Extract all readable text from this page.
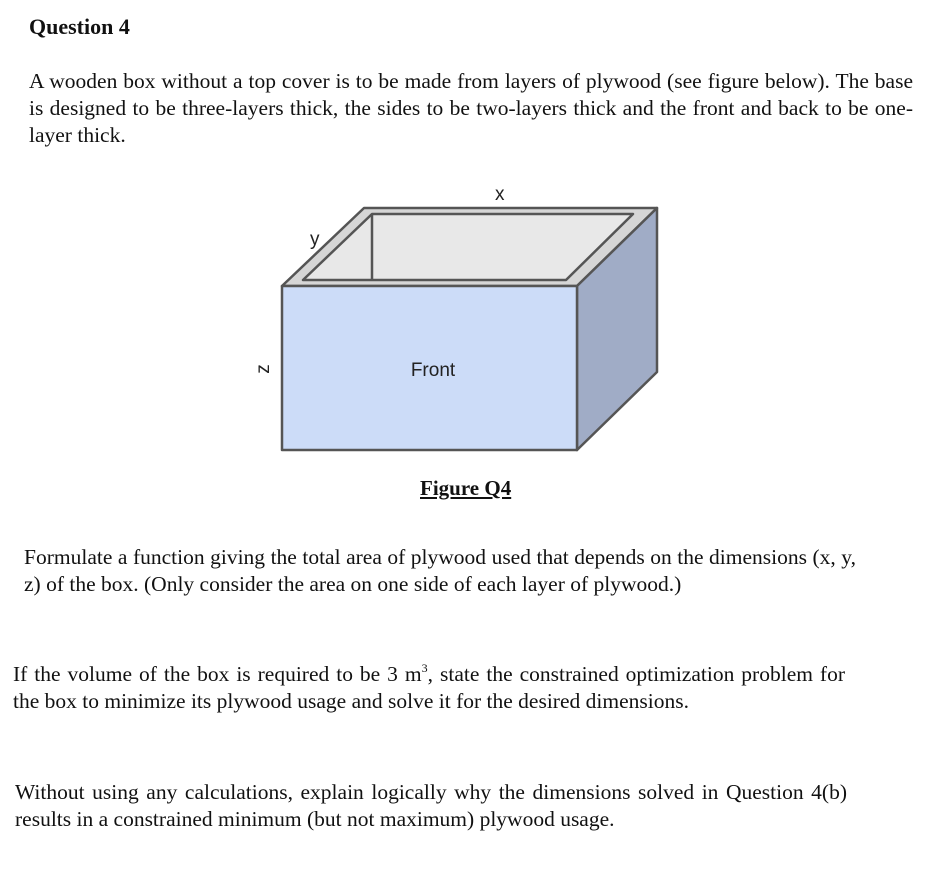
Question 4

A wooden box without a top cover is to be made from layers of plywood (see figure below). The base is designed to be three-layers thick, the sides to be two-layers thick and the front and back to be one-layer thick.

x
y
z	Front

Figure Q4

Formulate a function giving the total area of plywood used that depends on the dimensions (x, y, z) of the box. (Only consider the area on one side of each layer of plywood.)

If the volume of the box is required to be 3 $m^3$, state the constrained optimization problem for the box to minimize its plywood usage and solve it for the desired dimensions.

Without using any calculations, explain logically why the dimensions solved in Question 4(b) results in a constrained minimum (but not maximum) plywood usage.
